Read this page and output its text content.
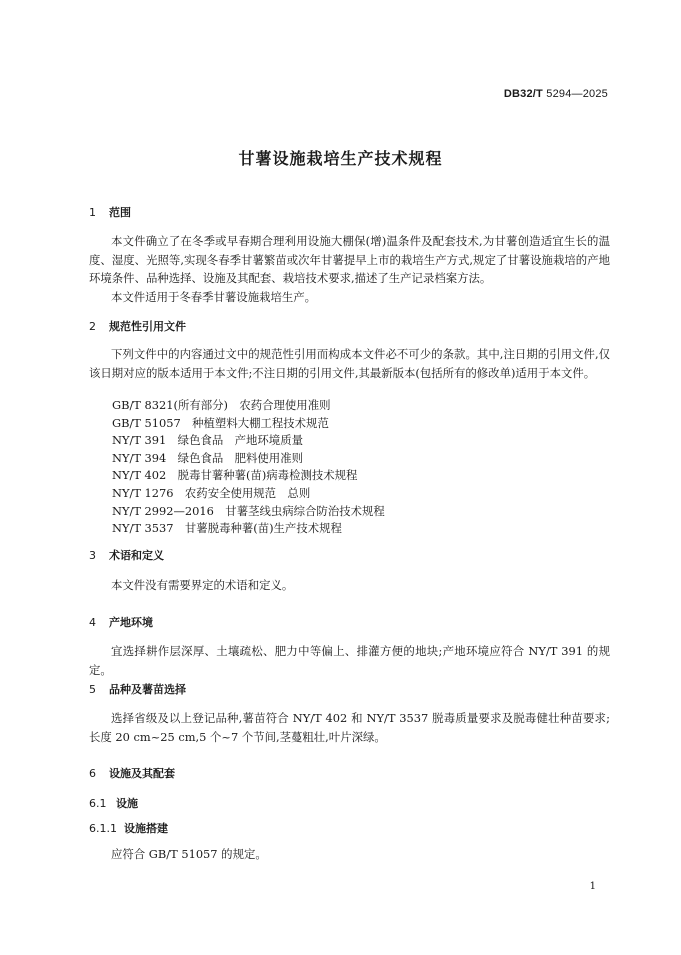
DB32/T 5294—2025
甘薯设施栽培生产技术规程
1 范围
本文件确立了在冬季或早春期合理利用设施大棚保(增)温条件及配套技术,为甘薯创造适宜生长的温度、湿度、光照等,实现冬春季甘薯繁苗或次年甘薯提早上市的栽培生产方式,规定了甘薯设施栽培的产地环境条件、品种选择、设施及其配套、栽培技术要求,描述了生产记录档案方法。
本文件适用于冬春季甘薯设施栽培生产。
2 规范性引用文件
下列文件中的内容通过文中的规范性引用而构成本文件必不可少的条款。其中,注日期的引用文件,仅该日期对应的版本适用于本文件;不注日期的引用文件,其最新版本(包括所有的修改单)适用于本文件。
GB/T 8321(所有部分)　农药合理使用准则
GB/T 51057　种植塑料大棚工程技术规范
NY/T 391　绿色食品　产地环境质量
NY/T 394　绿色食品　肥料使用准则
NY/T 402　脱毒甘薯种薯(苗)病毒检测技术规程
NY/T 1276　农药安全使用规范　总则
NY/T 2992—2016　甘薯茎线虫病综合防治技术规程
NY/T 3537　甘薯脱毒种薯(苗)生产技术规程
3 术语和定义
本文件没有需要界定的术语和定义。
4 产地环境
宜选择耕作层深厚、土壤疏松、肥力中等偏上、排灌方便的地块;产地环境应符合 NY/T 391 的规定。
5 品种及薯苗选择
选择省级及以上登记品种,薯苗符合 NY/T 402 和 NY/T 3537 脱毒质量要求及脱毒健壮种苗要求;长度 20 cm~25 cm,5 个~7 个节间,茎蔓粗壮,叶片深绿。
6 设施及其配套
6.1 设施
6.1.1 设施搭建
应符合 GB/T 51057 的规定。
1
